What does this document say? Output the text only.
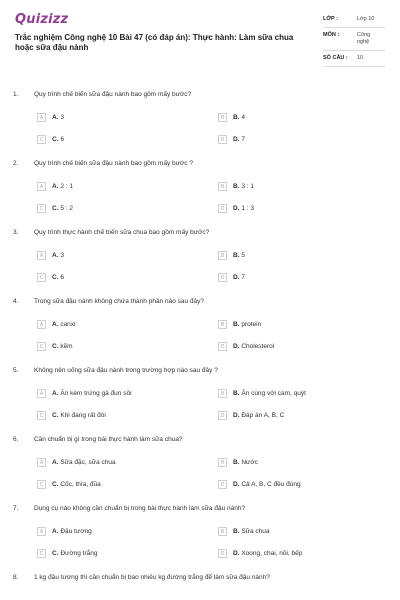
Quizizz
Trắc nghiệm Công nghệ 10 Bài 47 (có đáp án): Thực hành: Làm sữa chua hoặc sữa đậu nành
LỚP :	Lớp 10
MÔN :	Công nghệ
SỐ CÂU :	10
1. Quy trình chế biến sữa đậu nành bao gồm mấy bước?
A	A. 3	B	B. 4
C	C. 6	D	D. 7
2. Quy trình chế biến sữa đậu nành bao gồm mấy bước ?
A	A. 2 : 1	B	B. 3 : 1
C	C. 5 : 2	D	D. 1 : 3
3. Quy trình thực hành chế biến sữa chua bao gồm mấy bước?
A	A. 3	B	B. 5
C	C. 6	D	D. 7
4. Trong sữa đậu nành không chứa thành phần nào sau đây?
A	A. canxi	B	B. protein
C	C. kẽm	D	D. Cholesterol
5. Không nên uống sữa đậu nành trong trường hợp nào sau đây ?
A	A. Ăn kèm trứng gà đun sôi	B	B. Ăn cùng với cam, quýt
C	C. Khi đang rất đói	D	D. Đáp án A, B, C
6. Cần chuẩn bị gì trong bài thực hành làm sữa chua?
A	A. Sữa đặc, sữa chua	B	B. Nước
C	C. Cốc, thìa, đũa	D	D. Cả A, B, C đều đúng
7. Dụng cụ nào không cần chuẩn bị trong bài thực hành làm sữa đậu nành?
A	A. Đậu tương	B	B. Sữa chua
C	C. Đường trắng	D	D. Xoong, chai, nồi, bếp
8. 1 kg đậu tương thì cần chuẩn bị bao nhiêu kg đường trắng để làm sữa đậu nành?
